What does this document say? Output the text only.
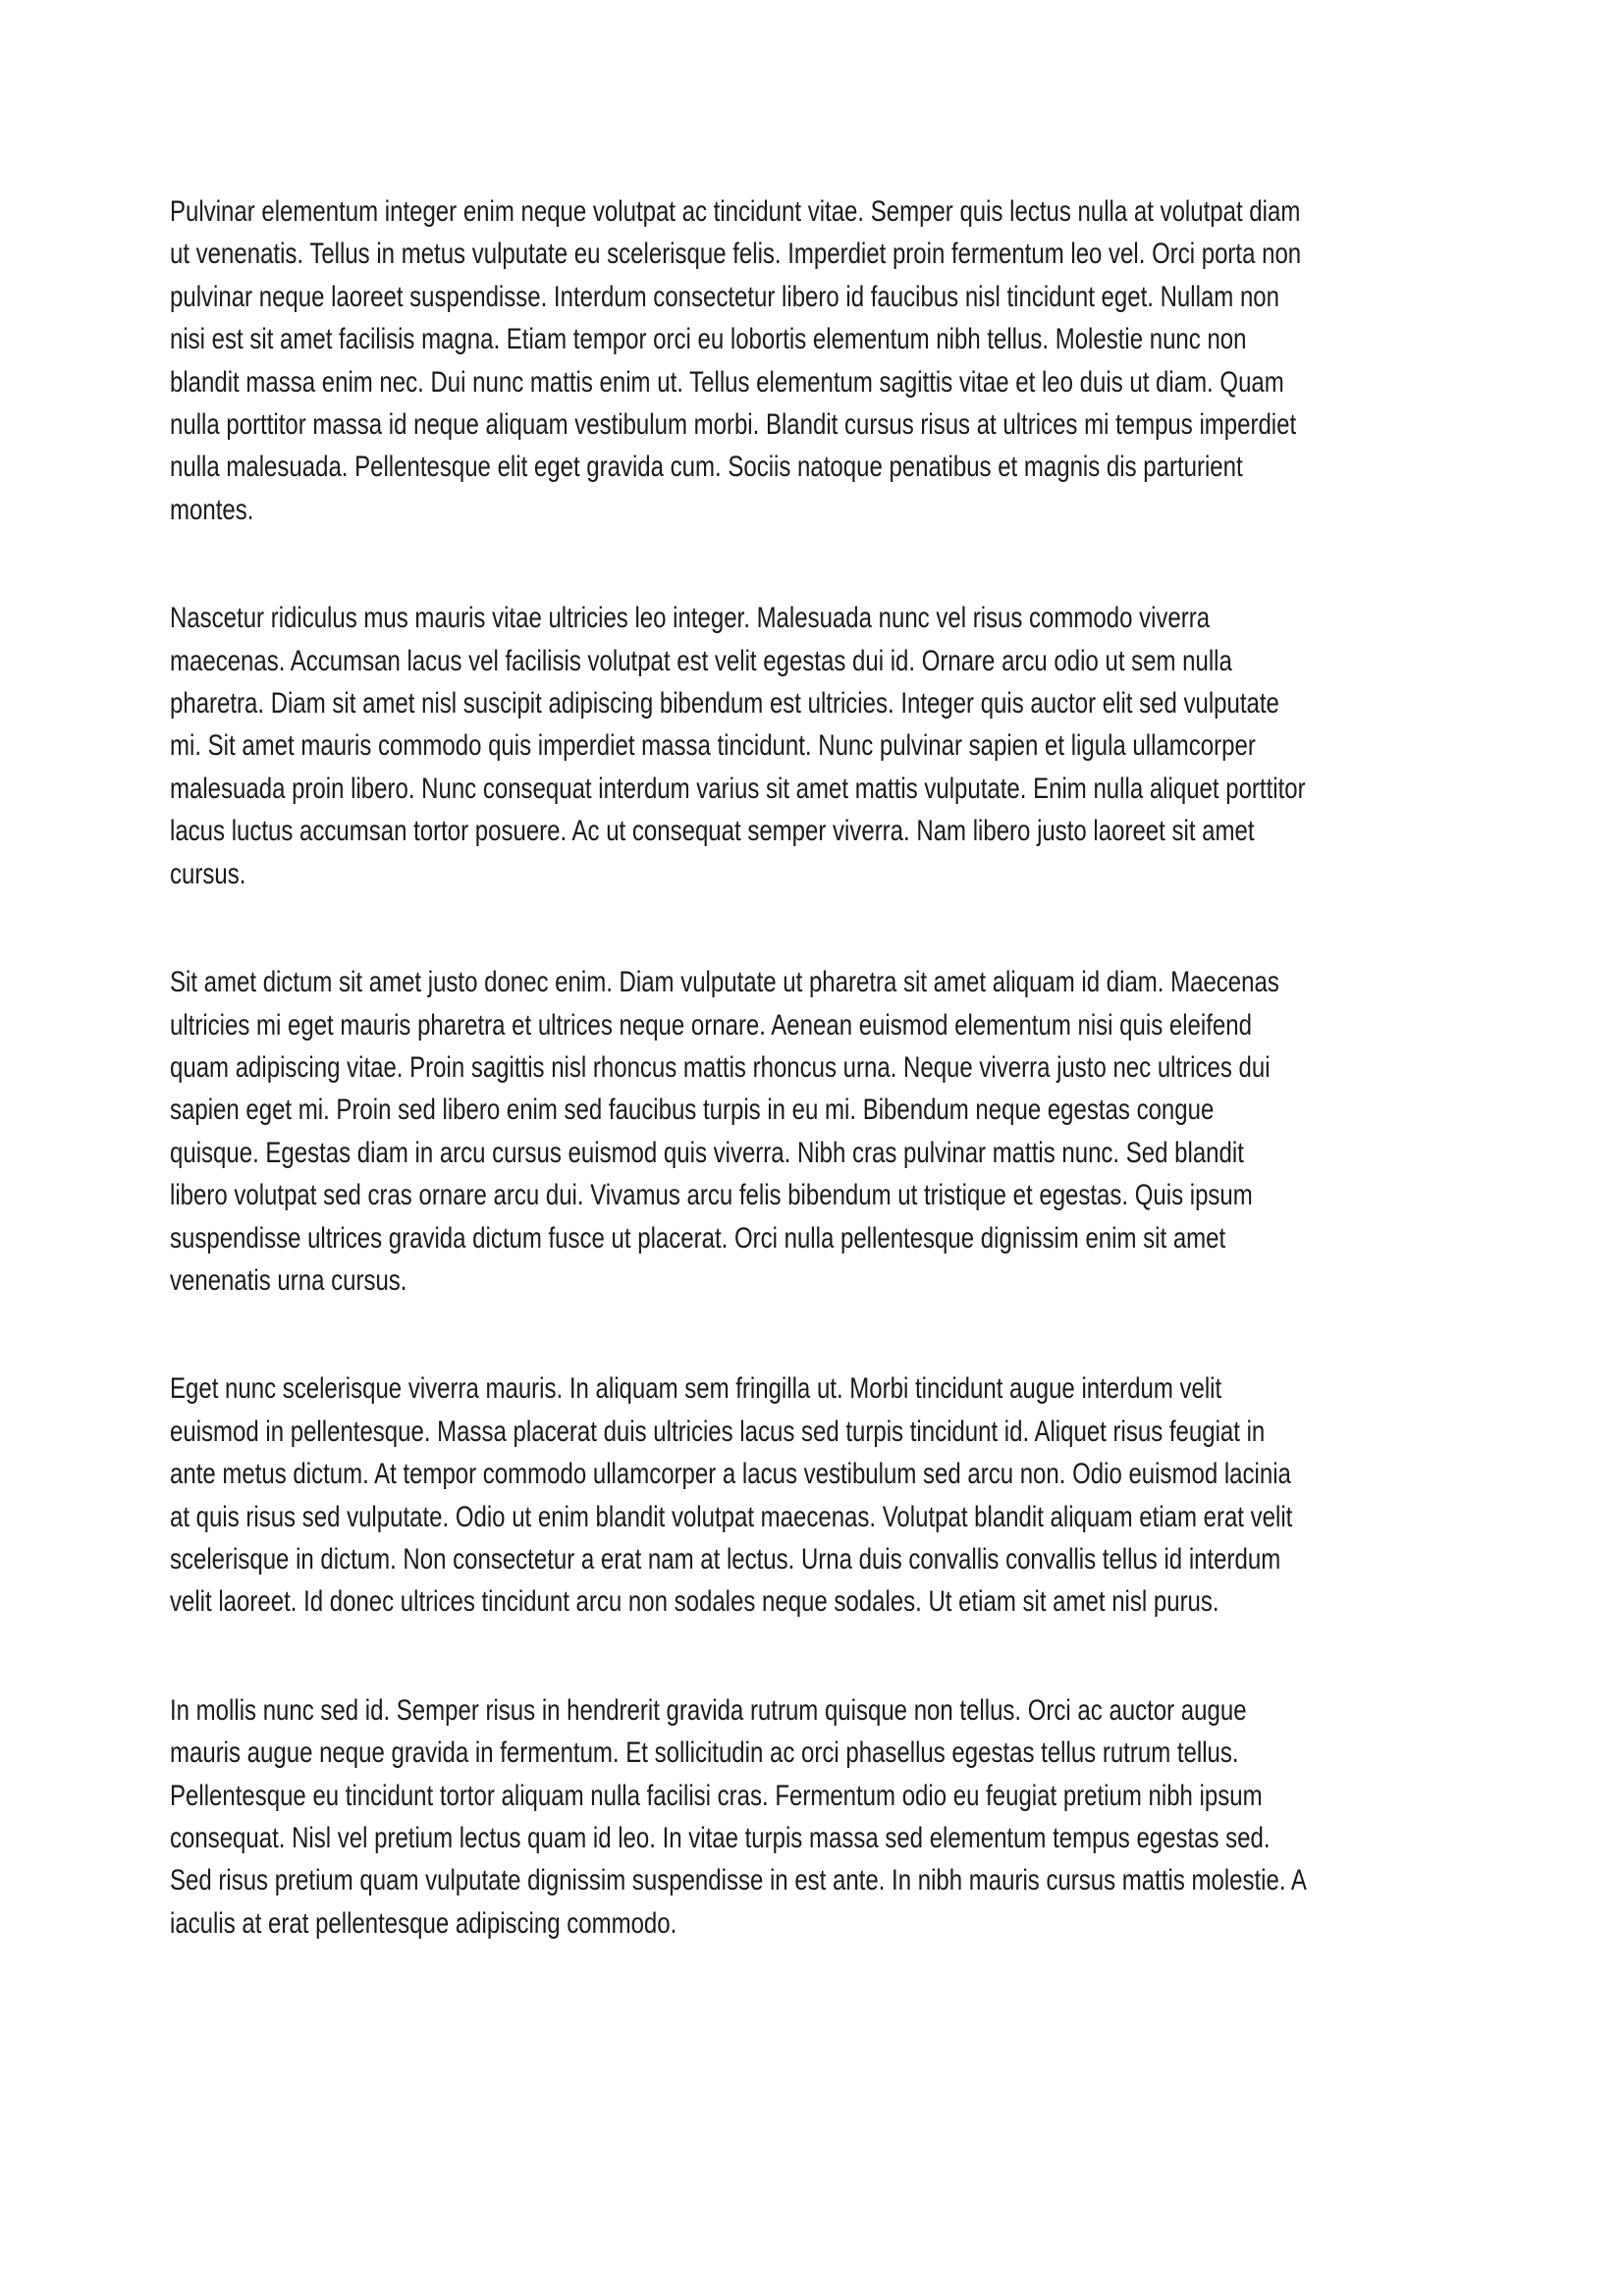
Pulvinar elementum integer enim neque volutpat ac tincidunt vitae. Semper quis lectus nulla at volutpat diam ut venenatis. Tellus in metus vulputate eu scelerisque felis. Imperdiet proin fermentum leo vel. Orci porta non pulvinar neque laoreet suspendisse. Interdum consectetur libero id faucibus nisl tincidunt eget. Nullam non nisi est sit amet facilisis magna. Etiam tempor orci eu lobortis elementum nibh tellus. Molestie nunc non blandit massa enim nec. Dui nunc mattis enim ut. Tellus elementum sagittis vitae et leo duis ut diam. Quam nulla porttitor massa id neque aliquam vestibulum morbi. Blandit cursus risus at ultrices mi tempus imperdiet nulla malesuada. Pellentesque elit eget gravida cum. Sociis natoque penatibus et magnis dis parturient montes.

Nascetur ridiculus mus mauris vitae ultricies leo integer. Malesuada nunc vel risus commodo viverra maecenas. Accumsan lacus vel facilisis volutpat est velit egestas dui id. Ornare arcu odio ut sem nulla pharetra. Diam sit amet nisl suscipit adipiscing bibendum est ultricies. Integer quis auctor elit sed vulputate mi. Sit amet mauris commodo quis imperdiet massa tincidunt. Nunc pulvinar sapien et ligula ullamcorper malesuada proin libero. Nunc consequat interdum varius sit amet mattis vulputate. Enim nulla aliquet porttitor lacus luctus accumsan tortor posuere. Ac ut consequat semper viverra. Nam libero justo laoreet sit amet cursus.

Sit amet dictum sit amet justo donec enim. Diam vulputate ut pharetra sit amet aliquam id diam. Maecenas ultricies mi eget mauris pharetra et ultrices neque ornare. Aenean euismod elementum nisi quis eleifend quam adipiscing vitae. Proin sagittis nisl rhoncus mattis rhoncus urna. Neque viverra justo nec ultrices dui sapien eget mi. Proin sed libero enim sed faucibus turpis in eu mi. Bibendum neque egestas congue quisque. Egestas diam in arcu cursus euismod quis viverra. Nibh cras pulvinar mattis nunc. Sed blandit libero volutpat sed cras ornare arcu dui. Vivamus arcu felis bibendum ut tristique et egestas. Quis ipsum suspendisse ultrices gravida dictum fusce ut placerat. Orci nulla pellentesque dignissim enim sit amet venenatis urna cursus.

Eget nunc scelerisque viverra mauris. In aliquam sem fringilla ut. Morbi tincidunt augue interdum velit euismod in pellentesque. Massa placerat duis ultricies lacus sed turpis tincidunt id. Aliquet risus feugiat in ante metus dictum. At tempor commodo ullamcorper a lacus vestibulum sed arcu non. Odio euismod lacinia at quis risus sed vulputate. Odio ut enim blandit volutpat maecenas. Volutpat blandit aliquam etiam erat velit scelerisque in dictum. Non consectetur a erat nam at lectus. Urna duis convallis convallis tellus id interdum velit laoreet. Id donec ultrices tincidunt arcu non sodales neque sodales. Ut etiam sit amet nisl purus.

In mollis nunc sed id. Semper risus in hendrerit gravida rutrum quisque non tellus. Orci ac auctor augue mauris augue neque gravida in fermentum. Et sollicitudin ac orci phasellus egestas tellus rutrum tellus. Pellentesque eu tincidunt tortor aliquam nulla facilisi cras. Fermentum odio eu feugiat pretium nibh ipsum consequat. Nisl vel pretium lectus quam id leo. In vitae turpis massa sed elementum tempus egestas sed. Sed risus pretium quam vulputate dignissim suspendisse in est ante. In nibh mauris cursus mattis molestie. A iaculis at erat pellentesque adipiscing commodo.
